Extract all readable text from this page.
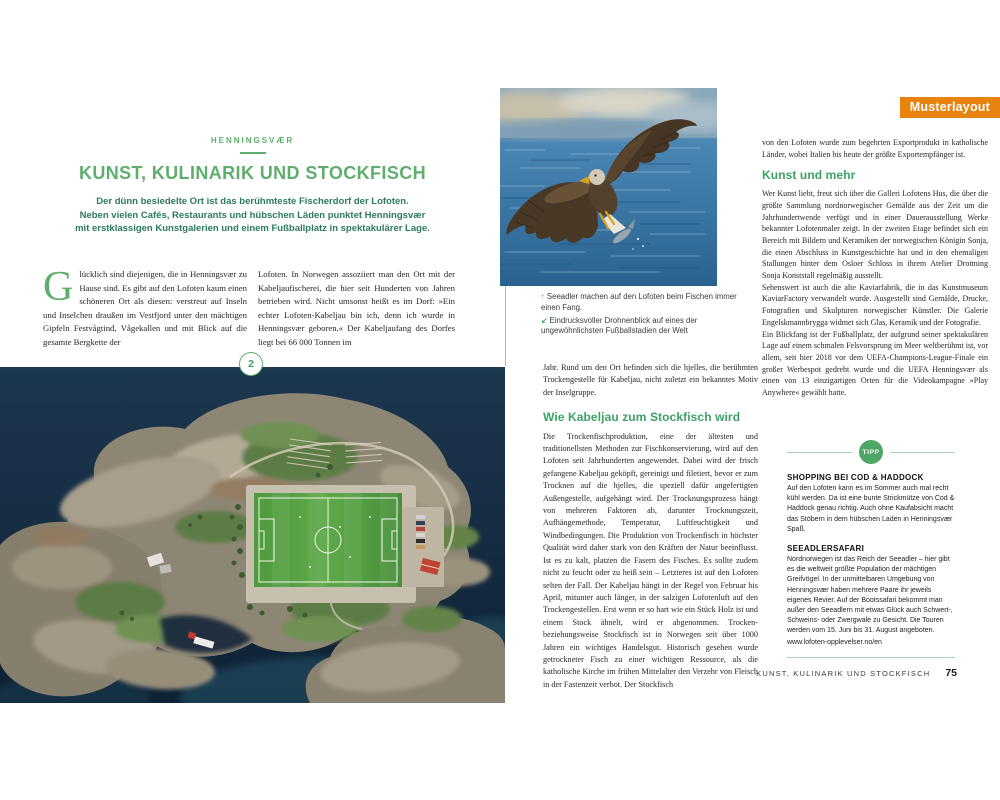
Musterlayout
HENNINGSVÆR
KUNST, KULINARIK UND STOCKFISCH
Der dünn besiedelte Ort ist das berühmteste Fischerdorf der Lofoten.
Neben vielen Cafés, Restaurants und hübschen Läden punktet Henningsvær
mit erstklassigen Kunstgalerien und einem Fußballplatz in spektakulärer Lage.

Glücklich sind diejenigen, die in Henningsvær zu Hause sind. Es gibt auf den Lofoten kaum einen schöneren Ort als diesen: verstreut auf Inseln und Inselchen draußen im Vestfjord unter den mächtigen Gipfeln Festvågtind, Vågekallen und mit Blick auf die gesamte Bergkette der

Lofoten. In Norwegen assoziiert man den Ort mit der Kabeljaufischerei, die hier seit Hunderten von Jahren betrieben wird. Nicht umsonst heißt es im Dorf: »Ein echter Lofoten-Kabeljau bin ich, denn ich wurde in Henningsvær geboren.« Der Kabeljaufang des Dorfes liegt bei 66 000 Tonnen im

↑ Seeadler machen auf den Lofoten beim Fischen immer einen Fang.

↙ Eindrucksvoller Drohnenblick auf eines der ungewöhnlichsten Fußballstadien der Welt

2	Jahr. Rund um den Ort befinden sich die hjelles, die berühmten Trockengestelle für Kabeljau, nicht zuletzt ein bekanntes Motiv der Inselgruppe.

Wie Kabeljau zum Stockfisch wird

Die Trockenfischproduktion, eine der ältesten und traditionellsten Methoden zur Fischkonservierung, wird auf den Lofoten seit Jahrhunderten angewendet. Dabei wird der frisch gefangene Kabeljau geköpft, gereinigt und filetiert, bevor er zum Trocknen auf die hjelles, die speziell dafür angefertigten Außengestelle, aufgehängt wird. Der Trocknungsprozess hängt von mehreren Faktoren ab, darunter Trocknungszeit, Aufhängemethode, Temperatur, Luftfeuchtigkeit und Windbedingungen. Die Produktion von Trockenfisch in höchster Qualität wird daher stark von den Kräften der Natur beeinflusst. Ist es zu kalt, platzen die Fasern des Fisches. Es sollte zudem nicht zu feucht oder zu heiß sein – Letzteres ist auf den Lofoten selten der Fall. Der Kabeljau hängt in der Regel von Februar bis April, mitunter auch länger, in der salzigen Lofotenluft auf den Trockengestellen. Erst wenn er so hart wie ein Stück Holz ist und einem Stock ähnelt, wird er abgenommen. Trocken- beziehungsweise Stockfisch ist in Norwegen seit über 1000 Jahren ein wichtiges Handelsgut. Historisch gesehen wurde getrockneter Fisch zu einer wichtigen Ressource, als die katholische Kirche im frühen Mittelalter den Verzehr von Fleisch in der Fastenzeit verbot. Der Stockfisch

von den Lofoten wurde zum begehrten Exportprodukt in katholische Länder, wobei Italien bis heute der größte Exportempfänger ist.

Kunst und mehr

Wer Kunst liebt, freut sich über die Galleri Lofotens Hus, die über die größte Sammlung nordnorwegischer Gemälde aus der Zeit um die Jahrhundertwende verfügt und in einer Dauerausstellung Werke bekannter Lofotenmaler zeigt. In der zweiten Etage befindet sich ein Bereich mit Bildern und Keramiken der norwegischen Königin Sonja, die einen Abschluss in Kunstgeschichte hat und in den ehemaligen Stallungen hinter dem Osloer Schloss in ihrem Atelier Drottning Sonja Konststall regelmäßig ausstellt.

Sehenswert ist auch die alte Kaviarfabrik, die in das Kunstmuseum KaviarFactory verwandelt wurde. Ausgestellt sind Gemälde, Drucke, Fotografien und Skulpturen norwegischer Künstler. Die Galerie Engelskmannbrygga widmet sich Glas, Keramik und der Fotografie.

Ein Blickfang ist der Fußballplatz, der aufgrund seiner spektakulären Lage auf einem schmalen Felsvorsprung im Meer weltberühmt ist, vor allem, seit hier 2018 vor dem UEFA-Champions-League-Finale ein großer Werbespot gedreht wurde und die UEFA Henningsvær als einen von 13 einzigartigen Orten für die Videokampagne »Play Anywhere« gewählt hatte.

TIPP
SHOPPING BEI COD & HADDOCK

Auf den Lofoten kann es im Sommer auch mal recht kühl werden. Da ist eine bunte Strickmütze von Cod & Haddock genau richtig. Auch ohne Kaufabsicht macht das Stöbern in dem hübschen Laden in Henningsvær Spaß.

SEEADLERSAFARI

Nordnorwegen ist das Reich der Seeadler – hier gibt es die weltweit größte Population der mächtigen Greifvögel. In der unmittelbaren Umgebung von Henningsvær haben mehrere Paare ihr jeweils eigenes Revier. Auf der Bootssafari bekommt man außer den Seeadlern mit etwas Glück auch Schwert-, Schweins- oder Zwergwale zu Gesicht. Die Touren werden vom 15. Juni bis 31. August angeboten.

www.lofoten-opplevelser.no/en

KUNST, KULINARIK UND STOCKFISCH 75
